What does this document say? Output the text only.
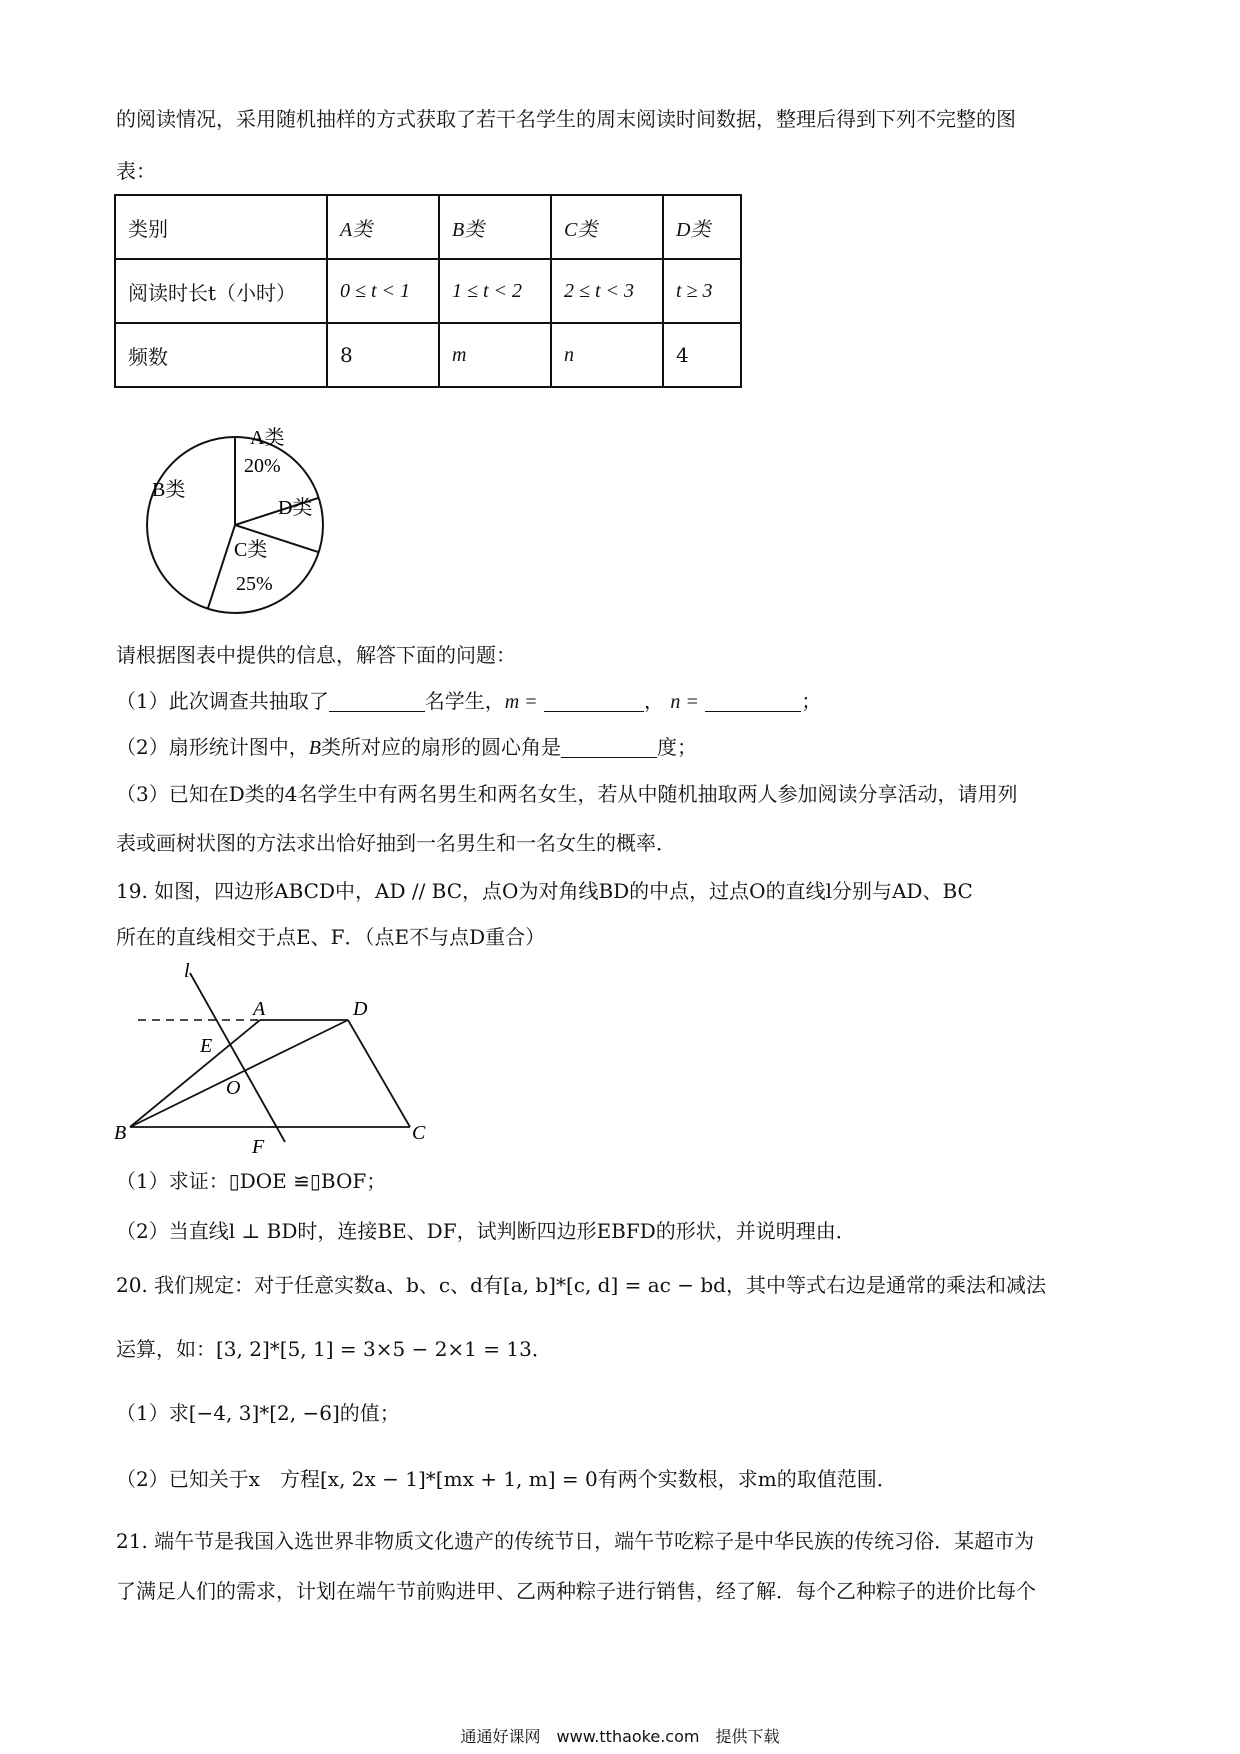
的阅读情况，采用随机抽样的方式获取了若干名学生的周末阅读时间数据，整理后得到下列不完整的图
表：
类别	A类	B类	C类	D类
阅读时长t（小时）	0 ≤ t < 1	1 ≤ t < 2	2 ≤ t < 3	t ≥ 3
频数	8	m	n	4
A类
20%
D类
C类
25%
B类
请根据图表中提供的信息，解答下面的问题：
（1）此次调查共抽取了	名学生，m =	， n =	；
（2）扇形统计图中，B类所对应的扇形的圆心角是	度；
（3）已知在D类的4名学生中有两名男生和两名女生，若从中随机抽取两人参加阅读分享活动，请用列
表或画树状图的方法求出恰好抽到一名男生和一名女生的概率．
19. 如图，四边形ABCD中，AD // BC，点O为对角线BD的中点，过点O的直线l分别与AD、BC
所在的直线相交于点E、F．（点E不与点D重合）
l
A	D
E
O
B
F
C
（1）求证：▯DOE ≌▯BOF；
（2）当直线l ⊥ BD时，连接BE、DF，试判断四边形EBFD的形状，并说明理由．
20. 我们规定：对于任意实数a、b、c、d有[a, b]*[c, d] = ac − bd，其中等式右边是通常的乘法和减法
运算，如：[3, 2]*[5, 1] = 3×5 − 2×1 = 13．
（1）求[−4, 3]*[2, −6]的值；
（2）已知关于x　方程[x, 2x − 1]*[mx + 1, m] = 0有两个实数根，求m的取值范围．
21. 端午节是我国入选世界非物质文化遗产的传统节日，端午节吃粽子是中华民族的传统习俗．某超市为
了满足人们的需求，计划在端午节前购进甲、乙两种粽子进行销售，经了解．每个乙种粽子的进价比每个
通通好课网　www.tthaoke.com　提供下载
